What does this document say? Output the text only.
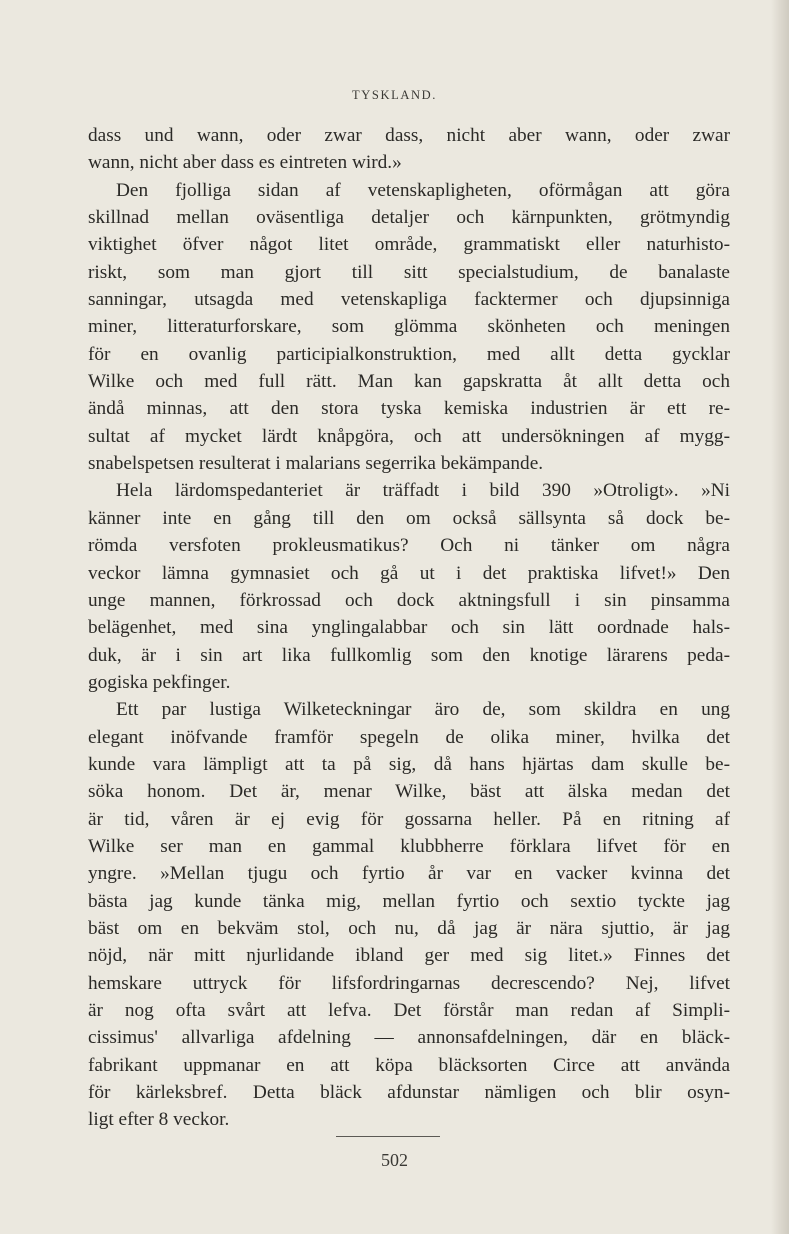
TYSKLAND.
dass und wann, oder zwar dass, nicht aber wann, oder zwar
wann, nicht aber dass es eintreten wird.»
Den fjolliga sidan af vetenskapligheten, oförmågan att göra
skillnad mellan oväsentliga detaljer och kärnpunkten, grötmyndig
viktighet öfver något litet område, grammatiskt eller naturhisto-
riskt, som man gjort till sitt specialstudium, de banalaste
sanningar, utsagda med vetenskapliga facktermer och djupsinniga
miner, litteraturforskare, som glömma skönheten och meningen
för en ovanlig participialkonstruktion, med allt detta gycklar
Wilke och med full rätt. Man kan gapskratta åt allt detta och
ändå minnas, att den stora tyska kemiska industrien är ett re-
sultat af mycket lärdt knåpgöra, och att undersökningen af mygg-
snabelspetsen resulterat i malarians segerrika bekämpande.
Hela lärdomspedanteriet är träffadt i bild 390 »Otroligt». »Ni
känner inte en gång till den om också sällsynta så dock be-
römda versfoten prokleusmatikus? Och ni tänker om några
veckor lämna gymnasiet och gå ut i det praktiska lifvet!» Den
unge mannen, förkrossad och dock aktningsfull i sin pinsamma
belägenhet, med sina ynglingalabbar och sin lätt oordnade hals-
duk, är i sin art lika fullkomlig som den knotige lärarens peda-
gogiska pekfinger.
Ett par lustiga Wilketeckningar äro de, som skildra en ung
elegant inöfvande framför spegeln de olika miner, hvilka det
kunde vara lämpligt att ta på sig, då hans hjärtas dam skulle be-
söka honom. Det är, menar Wilke, bäst att älska medan det
är tid, våren är ej evig för gossarna heller. På en ritning af
Wilke ser man en gammal klubbherre förklara lifvet för en
yngre. »Mellan tjugu och fyrtio år var en vacker kvinna det
bästa jag kunde tänka mig, mellan fyrtio och sextio tyckte jag
bäst om en bekväm stol, och nu, då jag är nära sjuttio, är jag
nöjd, när mitt njurlidande ibland ger med sig litet.» Finnes det
hemskare uttryck för lifsfordringarnas decrescendo? Nej, lifvet
är nog ofta svårt att lefva. Det förstår man redan af Simpli-
cissimus' allvarliga afdelning — annonsafdelningen, där en bläck-
fabrikant uppmanar en att köpa bläcksorten Circe att använda
för kärleksbref. Detta bläck afdunstar nämligen och blir osyn-
ligt efter 8 veckor.
502
